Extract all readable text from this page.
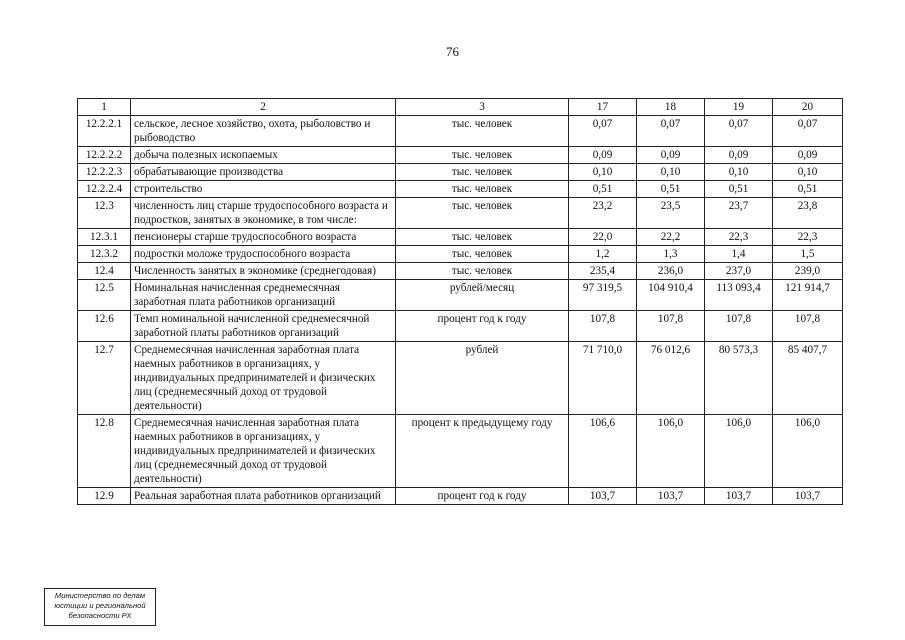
76
1	2	3	17	18	19	20
12.2.2.1	сельское, лесное хозяйство, охота, рыболовство и рыбоводство	тыс. человек	0,07	0,07	0,07	0,07
12.2.2.2	добыча полезных ископаемых	тыс. человек	0,09	0,09	0,09	0,09
12.2.2.3	обрабатывающие производства	тыс. человек	0,10	0,10	0,10	0,10
12.2.2.4	строительство	тыс. человек	0,51	0,51	0,51	0,51
12.3	численность лиц старше трудоспособного возраста и подростков, занятых в экономике, в том числе:	тыс. человек	23,2	23,5	23,7	23,8
12.3.1	пенсионеры старше трудоспособного возраста	тыс. человек	22,0	22,2	22,3	22,3
12.3.2	подростки моложе трудоспособного возраста	тыс. человек	1,2	1,3	1,4	1,5
12.4	Численность занятых в экономике (среднегодовая)	тыс. человек	235,4	236,0	237,0	239,0
12.5	Номинальная начисленная среднемесячная заработная плата работников организаций	рублей/месяц	97 319,5	104 910,4	113 093,4	121 914,7
12.6	Темп номинальной начисленной среднемесячной заработной платы работников организаций	процент год к году	107,8	107,8	107,8	107,8
12.7	Среднемесячная начисленная заработная плата наемных работников в организациях, у индивидуальных предпринимателей и физических лиц (среднемесячный доход от трудовой деятельности)	рублей	71 710,0	76 012,6	80 573,3	85 407,7
12.8	Среднемесячная начисленная заработная плата наемных работников в организациях, у индивидуальных предпринимателей и физических лиц (среднемесячный доход от трудовой деятельности)	процент к предыдущему году	106,6	106,0	106,0	106,0
12.9	Реальная заработная плата работников организаций	процент год к году	103,7	103,7	103,7	103,7
Министерство по делам
юстиции и региональной
безопасности РХ
